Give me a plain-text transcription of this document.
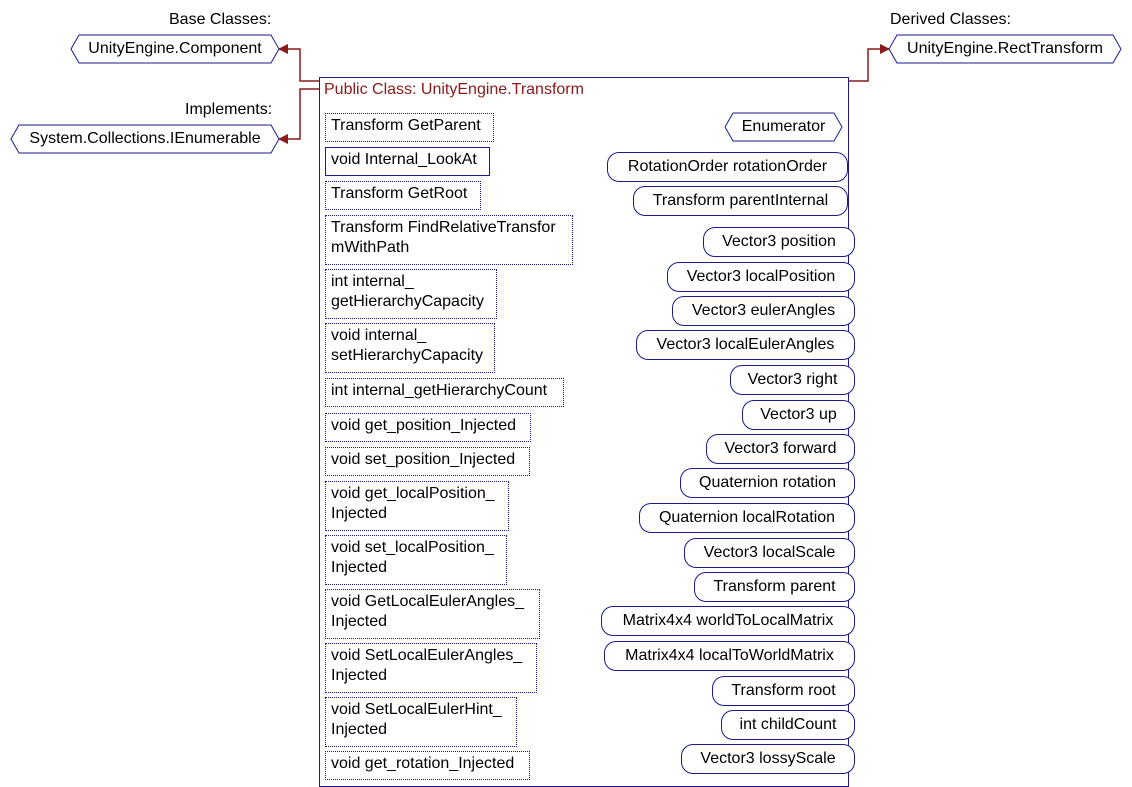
Base Classes:
Implements:
Derived Classes:
UnityEngine.Component
System.Collections.IEnumerable
UnityEngine.RectTransform
Public Class: UnityEngine.Transform
Enumerator
Transform GetParent
void Internal_LookAt
Transform GetRoot
Transform FindRelativeTransfor
mWithPath
int internal_
getHierarchyCapacity
void internal_
setHierarchyCapacity
int internal_getHierarchyCount
void get_position_Injected
void set_position_Injected
void get_localPosition_
Injected
void set_localPosition_
Injected
void GetLocalEulerAngles_
Injected
void SetLocalEulerAngles_
Injected
void SetLocalEulerHint_
Injected
void get_rotation_Injected
RotationOrder rotationOrder
Transform parentInternal
Vector3 position
Vector3 localPosition
Vector3 eulerAngles
Vector3 localEulerAngles
Vector3 right
Vector3 up
Vector3 forward
Quaternion rotation
Quaternion localRotation
Vector3 localScale
Transform parent
Matrix4x4 worldToLocalMatrix
Matrix4x4 localToWorldMatrix
Transform root
int childCount
Vector3 lossyScale
